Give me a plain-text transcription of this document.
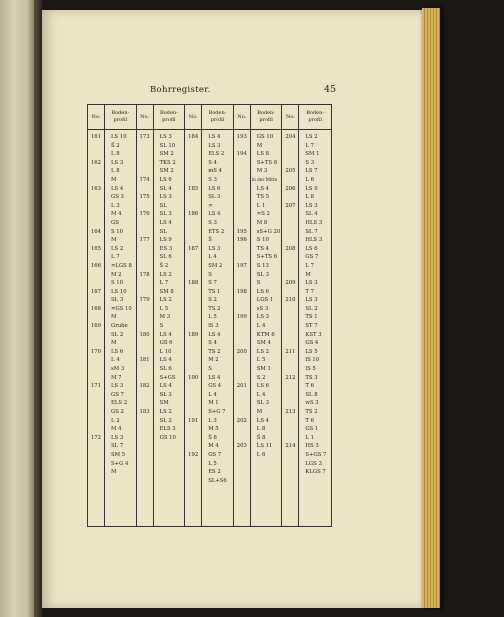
Bohrregister.	45
No.
Boden-
profil
161
162
163
164
165
166
167
168
169
170
171
172
LS 10
S̈ 2
L 8
LS 3
L 8
M
LS 4
GS 3
L 3
M 4
GS
S 10
M
LS 2
L 7
≍LGS 8
M 2
S 10
LS 10
SL 3
≍GS 10
M
Grube
SL 2
M
LS 6
L 4
sM 3
M 7
LS 3
GS 7
ELS 2
GS 2
L 2
M 4
LS 3
SL 7
SM 5
S+G 4
M
No.
Boden-
profil
173
174
175
176
177
178
179
180
181
182
183
LS 3
SL 10
SM 2
TKS 2
SM 2
LS 6
SL 4
LS 3
SL
SL 3
LS 4
SL
LS 9
ES 3
SL 6
S̈ 2
LS 2
L 7
SM 8
LS 2
L 5
M 3
S
LS 4
GS 6
L 10
LS 4
SL 6
S+GS
LS 4
SL 3
SM
LS 2
SL 2
ELS 3
GS 10
No.
Boden-
profil
184
185
186
187
188
189
190
191
192
LS 4
LS 3
ELS 2
S 4
mS 4
S 3
LS 6
SL 3
≍
LS 4
S 3
ETS 2
S̈
LS 3
L 4
SM 2
S
S 7
TS 1
S 2
TS 2
L 5
lS 3
LS 4
S 4
TS 2
M 2
S
LS 4
GS 4
L 4
M 1
S+G 7
L 3
M 5
S̈ 8
M 4
GS 7
L 5
ES 2
SL+S6
No.
Boden-
profil
193
194
195
196
197
198
199
200
201
202
203
GS 10
M
LS 8
S+TS 8
M 3
in der Mitte
LS 4
TS 5
L 1
≍S 2
M 8
sS+G 20
S 10
TS 4
S+TS 6
S 13
SL 3
S
LS 6
LGS 1
sS 3
LS 3
L 4
KTM 6
SM 4
LS 2
L 5
SM 1
S 2
LS 6
L 4
SL 3
M
LS 4
L 8
S̈ 8
LS 11
L 6
No.
Boden-
profil
204
205
206
207
208
209
210
211
212
213
214
LS 2
L 7
SM 1
S 3
LS 7
L 6
LS 9
L 8
LS 3
SL 4
HLS 3
SL 7
HLS 3
LS 6
GS 7
L 7
M
LS 3
T 7
LS 3
SL 2
TS 1
ST 7
KST 3
GS 4
LS 5
lS 10
lS 5
TS 3
T 6
SL 8
wS 3
TS 2
T 6
GS 1
L 1
HS 3
S+GS 7
LGS 3
KLGS 7
